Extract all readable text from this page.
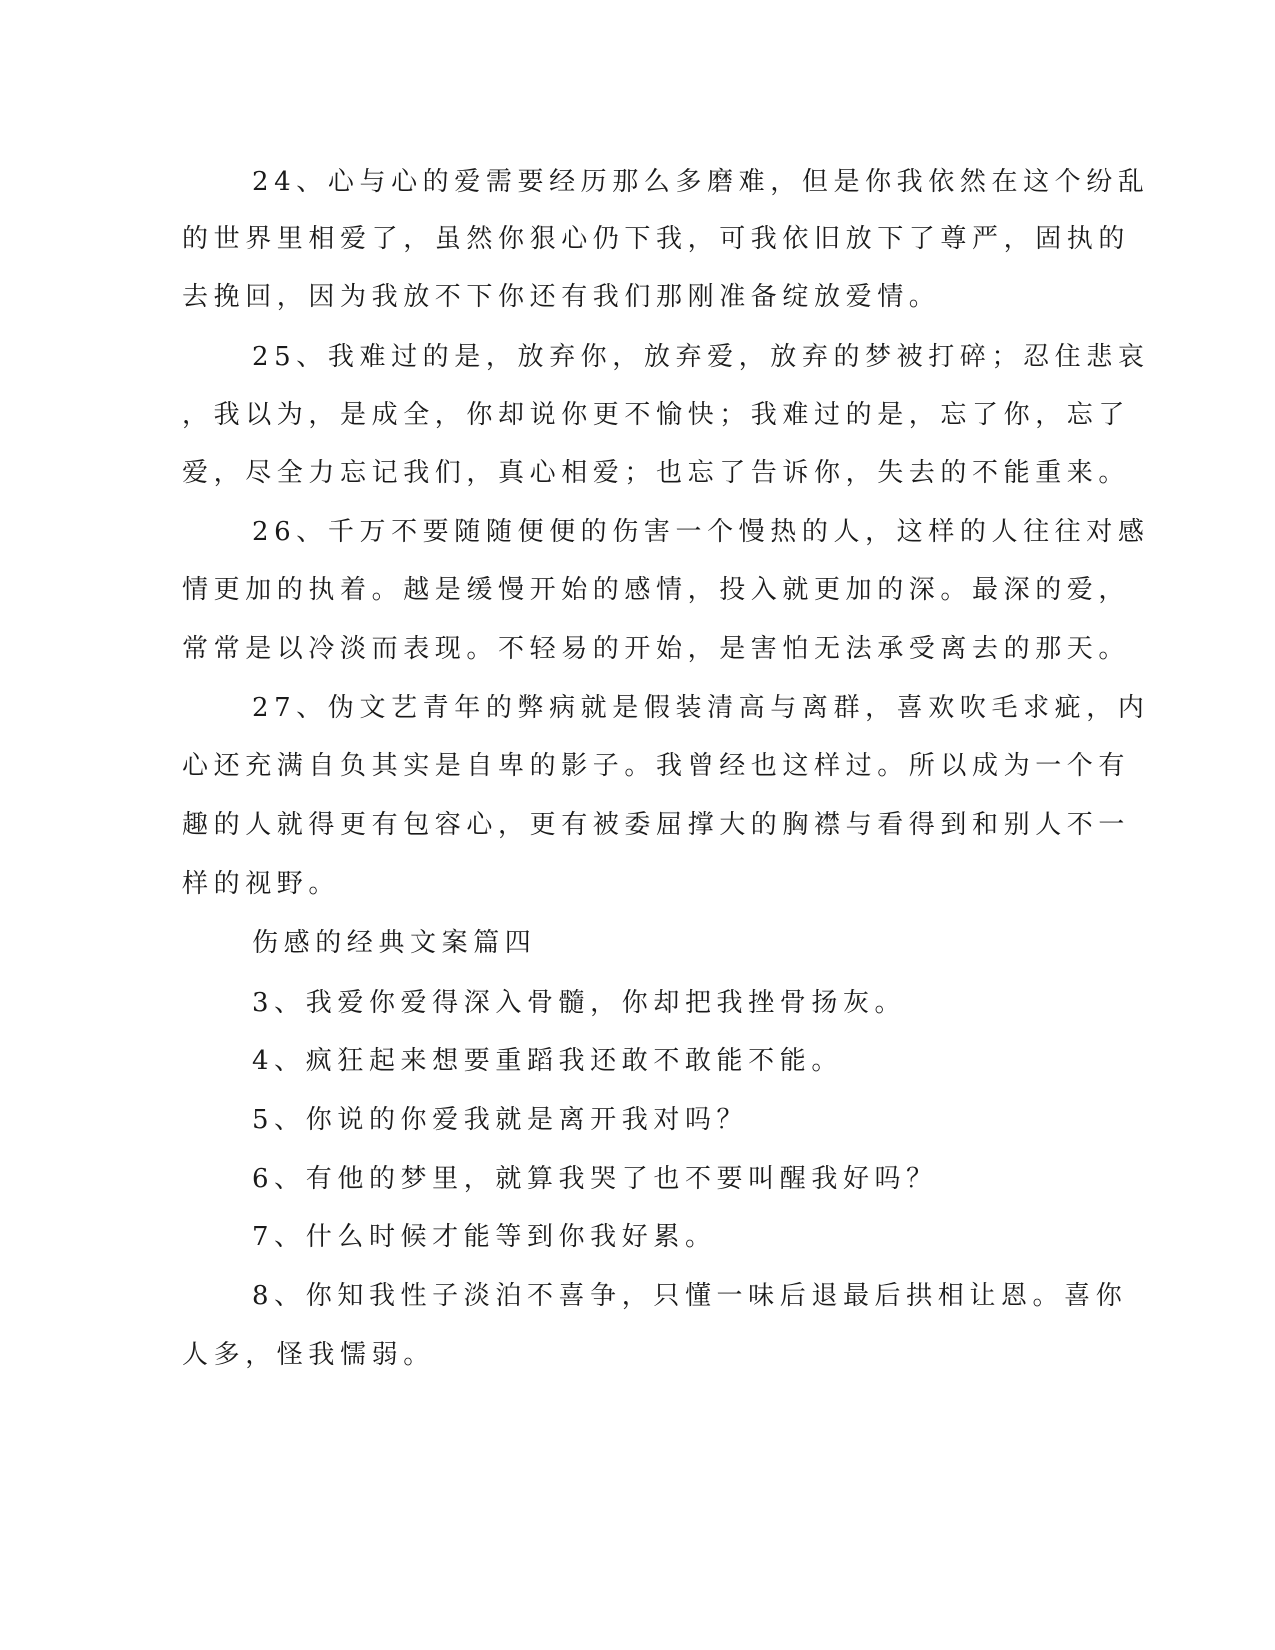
24、心与心的爱需要经历那么多磨难，但是你我依然在这个纷乱
的世界里相爱了，虽然你狠心仍下我，可我依旧放下了尊严，固执的
去挽回，因为我放不下你还有我们那刚准备绽放爱情。
25、我难过的是，放弃你，放弃爱，放弃的梦被打碎；忍住悲哀
，我以为，是成全，你却说你更不愉快；我难过的是，忘了你，忘了
爱，尽全力忘记我们，真心相爱；也忘了告诉你，失去的不能重来。
26、千万不要随随便便的伤害一个慢热的人，这样的人往往对感
情更加的执着。越是缓慢开始的感情，投入就更加的深。最深的爱，
常常是以冷淡而表现。不轻易的开始，是害怕无法承受离去的那天。
27、伪文艺青年的弊病就是假装清高与离群，喜欢吹毛求疵，内
心还充满自负其实是自卑的影子。我曾经也这样过。所以成为一个有
趣的人就得更有包容心，更有被委屈撑大的胸襟与看得到和别人不一
样的视野。
伤感的经典文案篇四
3、我爱你爱得深入骨髓，你却把我挫骨扬灰。
4、疯狂起来想要重蹈我还敢不敢能不能。
5、你说的你爱我就是离开我对吗？
6、有他的梦里，就算我哭了也不要叫醒我好吗？
7、什么时候才能等到你我好累。
8、你知我性子淡泊不喜争，只懂一味后退最后拱相让恩。喜你
人多，怪我懦弱。
